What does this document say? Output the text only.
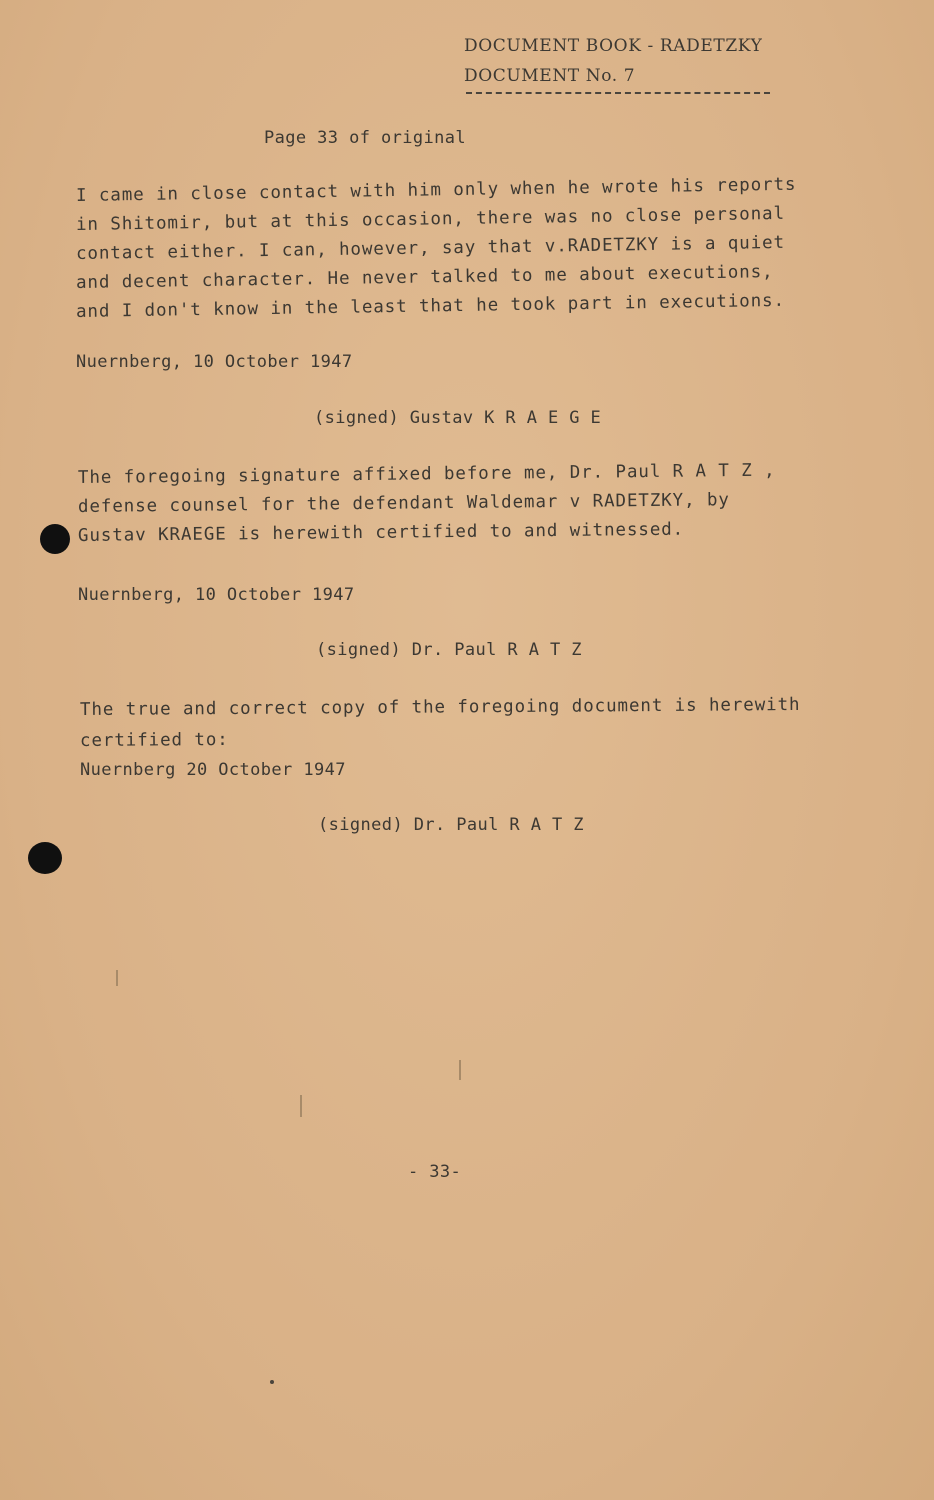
DOCUMENT BOOK - RADETZKY
DOCUMENT No. 7
Page 33 of original
I came in close contact with him only when he wrote his reports
in Shitomir, but at this occasion, there was no close personal
contact either. I can, however, say that v.RADETZKY is a quiet
and decent character. He never talked to me about executions,
and I don't know in the least that he took part in executions.
Nuernberg, 10 October 1947
(signed) Gustav K R A E G E
The foregoing signature affixed before me, Dr. Paul R A T Z ,
defense counsel for the defendant Waldemar v RADETZKY, by
Gustav KRAEGE is herewith certified to and witnessed.
Nuernberg, 10 October 1947
(signed) Dr. Paul R A T Z
The true and correct copy of the foregoing document is herewith
certified to:
Nuernberg 20 October 1947
(signed) Dr. Paul R A T Z
- 33-
